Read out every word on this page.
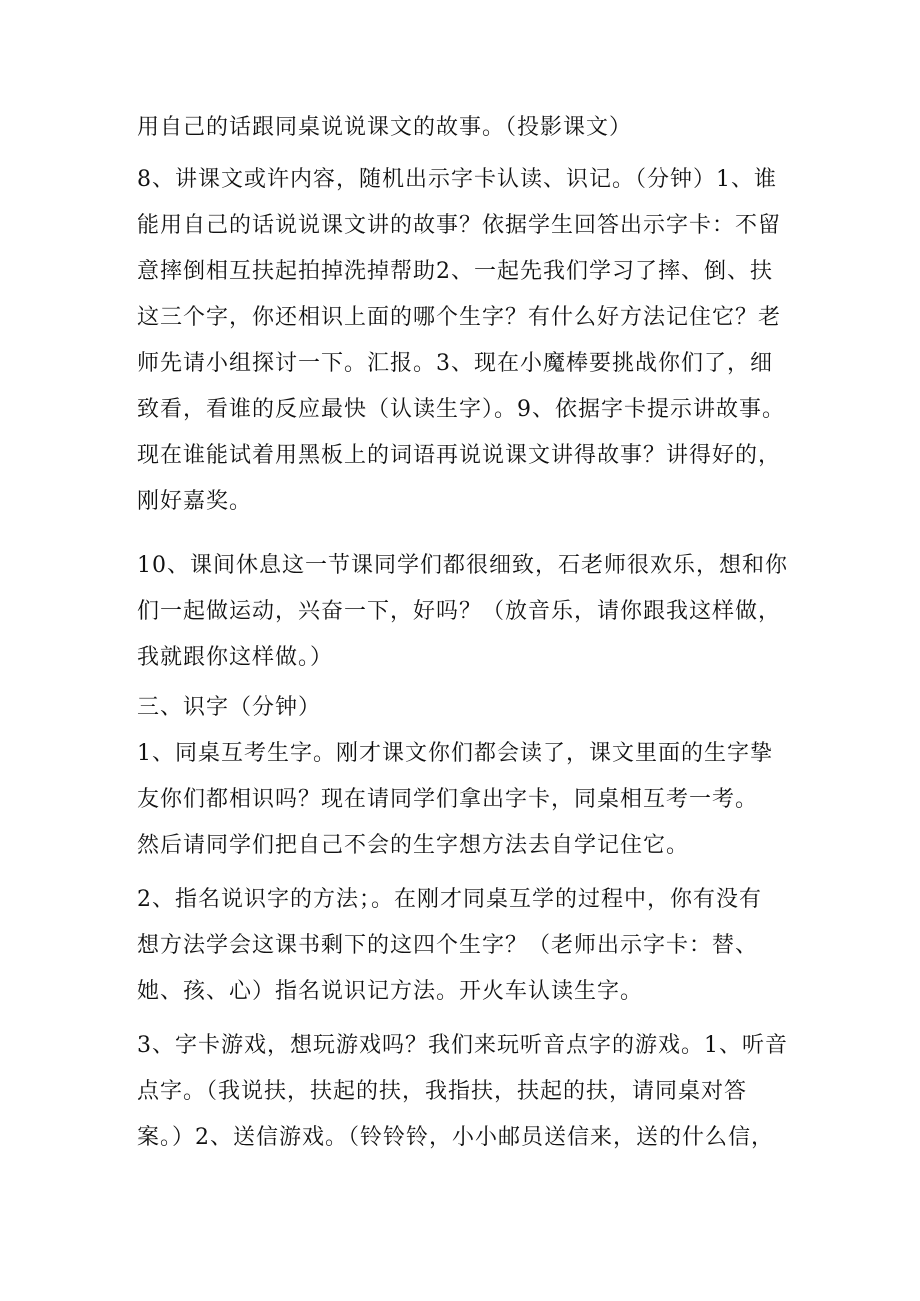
用自己的话跟同桌说说课文的故事。（投影课文）
8、讲课文或许内容，随机出示字卡认读、识记。（分钟）1、谁
能用自己的话说说课文讲的故事？依据学生回答出示字卡：不留
意摔倒相互扶起拍掉洗掉帮助2、一起先我们学习了摔、倒、扶
这三个字，你还相识上面的哪个生字？有什么好方法记住它？老
师先请小组探讨一下。汇报。3、现在小魔棒要挑战你们了，细
致看，看谁的反应最快（认读生字）。9、依据字卡提示讲故事。
现在谁能试着用黑板上的词语再说说课文讲得故事？讲得好的，
刚好嘉奖。
10、课间休息这一节课同学们都很细致，石老师很欢乐，想和你
们一起做运动，兴奋一下，好吗？（放音乐，请你跟我这样做，
我就跟你这样做。）
三、识字（分钟）
1、同桌互考生字。刚才课文你们都会读了，课文里面的生字挚
友你们都相识吗？现在请同学们拿出字卡，同桌相互考一考。
然后请同学们把自己不会的生字想方法去自学记住它。
2、指名说识字的方法；。在刚才同桌互学的过程中，你有没有
想方法学会这课书剩下的这四个生字？（老师出示字卡：替、
她、孩、心）指名说识记方法。开火车认读生字。
3、字卡游戏，想玩游戏吗？我们来玩听音点字的游戏。1、听音
点字。（我说扶，扶起的扶，我指扶，扶起的扶，请同桌对答
案。）2、送信游戏。（铃铃铃，小小邮员送信来，送的什么信，
